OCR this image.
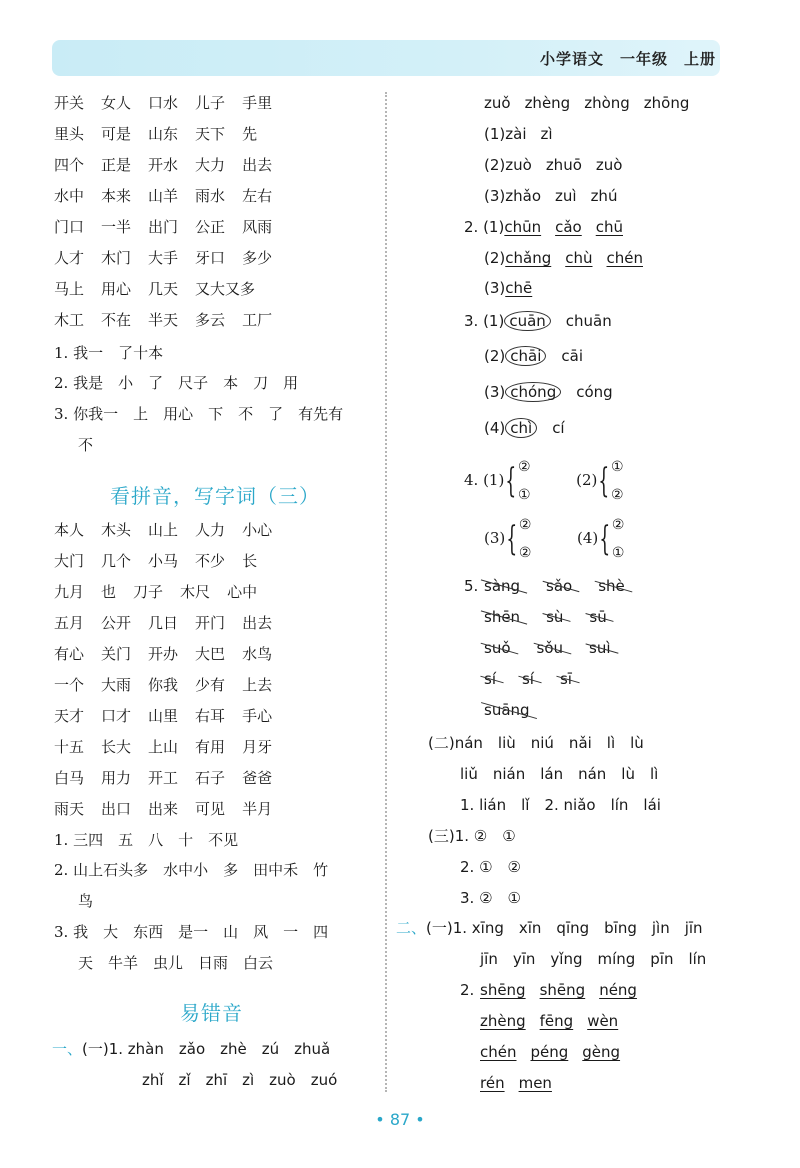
小学语文　一年级　上册
开关 女人 口水 儿子 手里
里头 可是 山东 天下 先
四个 正是 开水 大力 出去
水中 本来 山羊 雨水 左右
门口 一半 出门 公正 风雨
人才 木门 大手 牙口 多少
马上 用心 几天 又大又多
木工 不在 半天 多云 工厂
1. 我一　了十本
2. 我是　小　了　尺子　本　刀　用
3. 你我一　上　用心　下　不　了　有先有
不
看拼音，写字词（三）
本人 木头 山上 人力 小心
大门 几个 小马 不少 长
九月 也 刀子 木尺 心中
五月 公开 几日 开门 出去
有心 关门 开办 大巴 水鸟
一个 大雨 你我 少有 上去
天才 口才 山里 右耳 手心
十五 长大 上山 有用 月牙
白马 用力 开工 石子 爸爸
雨天 出口 出来 可见 半月
1. 三四　五　八　十　不见
2. 山上石头多　水中小　多　田中禾　竹
鸟
3. 我　大　东西　是一　山　风　一　四
天　牛羊　虫儿　日雨　白云
易错音
一、(一)1. zhàn　zǎo　zhè　zú　zhuǎ
zhǐ　zǐ　zhī　zì　zuò　zuó
zuǒ zhèng zhòng zhōng
(1)zài zì
(2)zuò zhuō zuò
(3)zhǎo zuì zhú
2. (1)chūn cǎo chū
(2)chǎng chù chén
(3)chē
3. (1) cuān　 chuān
(2) chāi　 cāi
(3) chóng　 cóng
(4) chì　 cí
4. (1){②
①  (2){①
②
(3){②
②  (4){②
①
5. sàng sǎo shè
shēn sù sū
suǒ sǒu suì
sí sí sī
suāng
(二)nán　liù　niú　nǎi　lì　lù
liǔ　nián　lán　nán　lù　lì
1. lián　lǐ　2. niǎo　lín　lái
(三)1. ②　①
2. ①　②
3. ②　①
二、(一)1. xīng　xīn　qīng　bīng　jìn　jīn
jīn　yīn　yǐng　míng　pīn　lín
2. shēng shēng néng
zhèng fēng wèn
chén péng gèng
rén men
• 87 •
